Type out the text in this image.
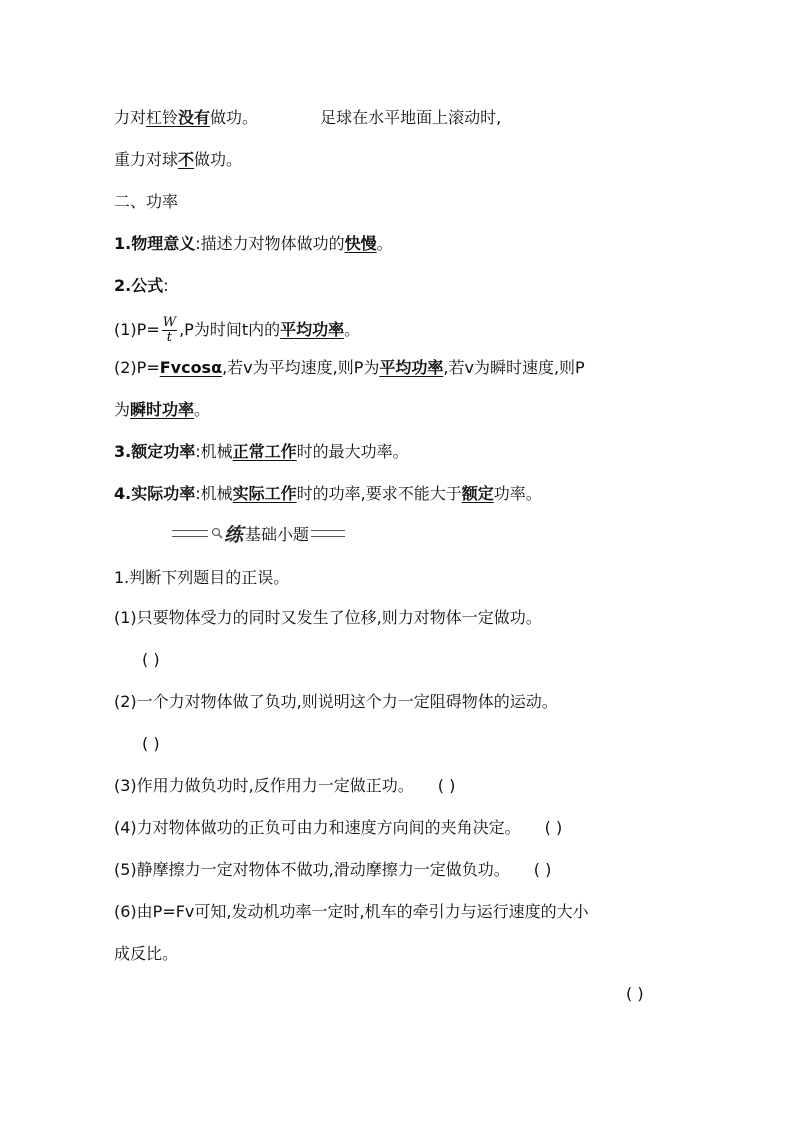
力对杠铃没有做功。	足球在水平地面上滚动时,
重力对球不做功。
二、功率
1.物理意义:描述力对物体做功的快慢。
2.公式:
$(1)P= \frac{W}{t} ,P$为时间t内的平均功率。
(2)P=Fvcosα,若v为平均速度,则P为平均功率,若v为瞬时速度,则P
为瞬时功率。
3.额定功率:机械正常工作时的最大功率。
4.实际功率:机械实际工作时的功率,要求不能大于额定功率。
练 基础小题
1.判断下列题目的正误。
(1)只要物体受力的同时又发生了位移,则力对物体一定做功。
( )
(2)一个力对物体做了负功,则说明这个力一定阻碍物体的运动。
( )
(3)作用力做负功时,反作用力一定做正功。 ( )
(4)力对物体做功的正负可由力和速度方向间的夹角决定。 ( )
(5)静摩擦力一定对物体不做功,滑动摩擦力一定做负功。 ( )
(6)由P=Fv可知,发动机功率一定时,机车的牵引力与运行速度的大小
成反比。
( )
